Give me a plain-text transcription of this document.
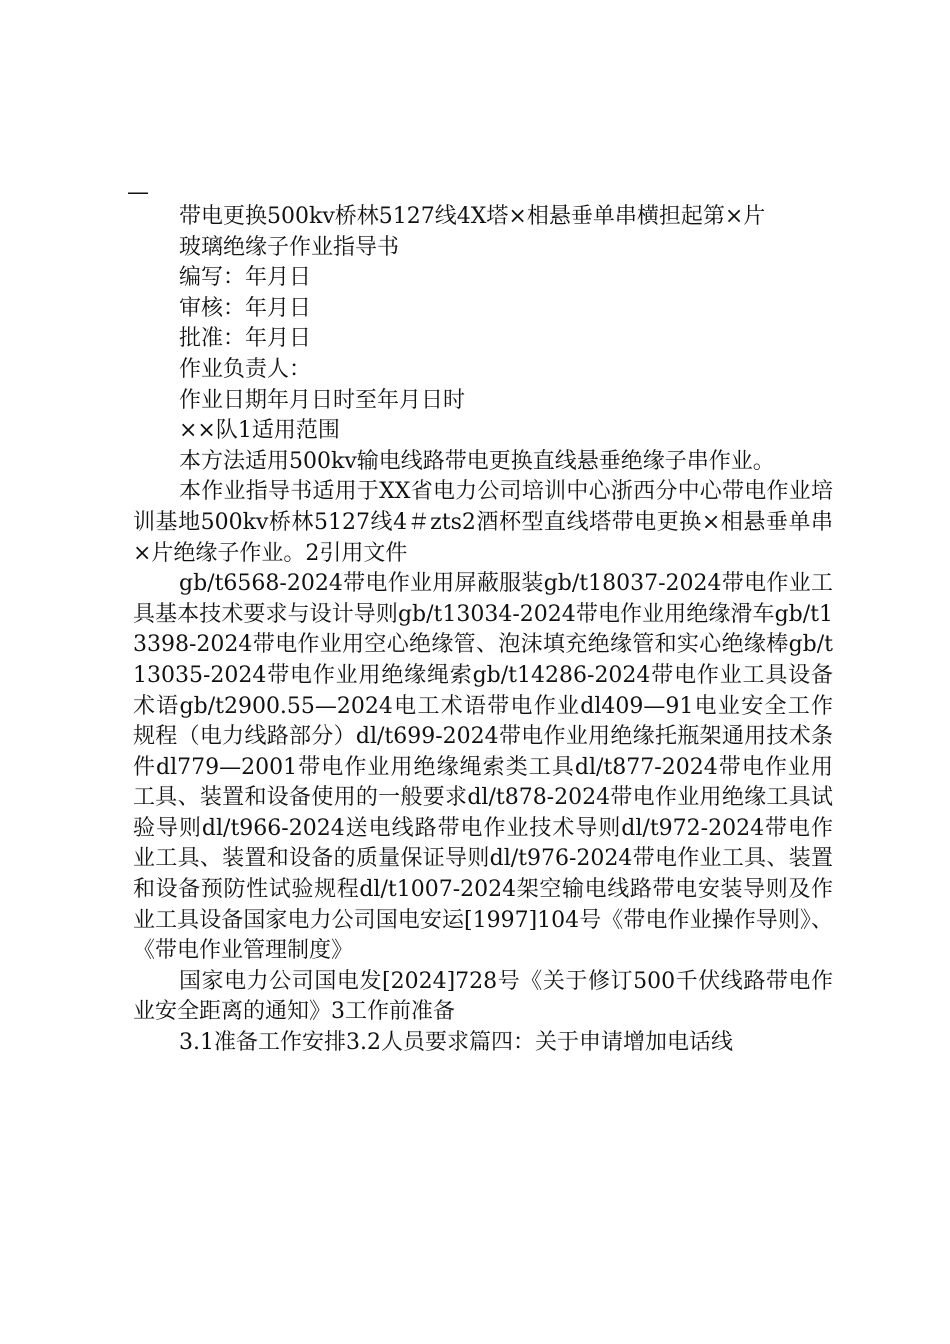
—

带电更换500kv桥林5127线4X塔×相悬垂单串横担起第×片

玻璃绝缘子作业指导书

编写：年月日

审核：年月日

批准：年月日

作业负责人：

作业日期年月日时至年月日时

××队1适用范围

本方法适用500kv输电线路带电更换直线悬垂绝缘子串作业。

本作业指导书适用于XX省电力公司培训中心浙西分中心带电作业培训基地500kv桥林5127线4＃zts2酒杯型直线塔带电更换×相悬垂单串×片绝缘子作业。2引用文件

gb/t6568-2024带电作业用屏蔽服装gb/t18037-2024带电作业工具基本技术要求与设计导则gb/t13034-2024带电作业用绝缘滑车gb/t13398-2024带电作业用空心绝缘管、泡沫填充绝缘管和实心绝缘棒gb/t13035-2024带电作业用绝缘绳索gb/t14286-2024带电作业工具设备术语gb/t2900.55—2024电工术语带电作业dl409—91电业安全工作规程（电力线路部分）dl/t699-2024带电作业用绝缘托瓶架通用技术条件dl779—2001带电作业用绝缘绳索类工具dl/t877-2024带电作业用工具、装置和设备使用的一般要求dl/t878-2024带电作业用绝缘工具试验导则dl/t966-2024送电线路带电作业技术导则dl/t972-2024带电作业工具、装置和设备的质量保证导则dl/t976-2024带电作业工具、装置和设备预防性试验规程dl/t1007-2024架空输电线路带电安装导则及作业工具设备国家电力公司国电安运[1997]104号《带电作业操作导则》、《带电作业管理制度》

国家电力公司国电发[2024]728号《关于修订500千伏线路带电作业安全距离的通知》3工作前准备

3.1准备工作安排3.2人员要求篇四：关于申请增加电话线
